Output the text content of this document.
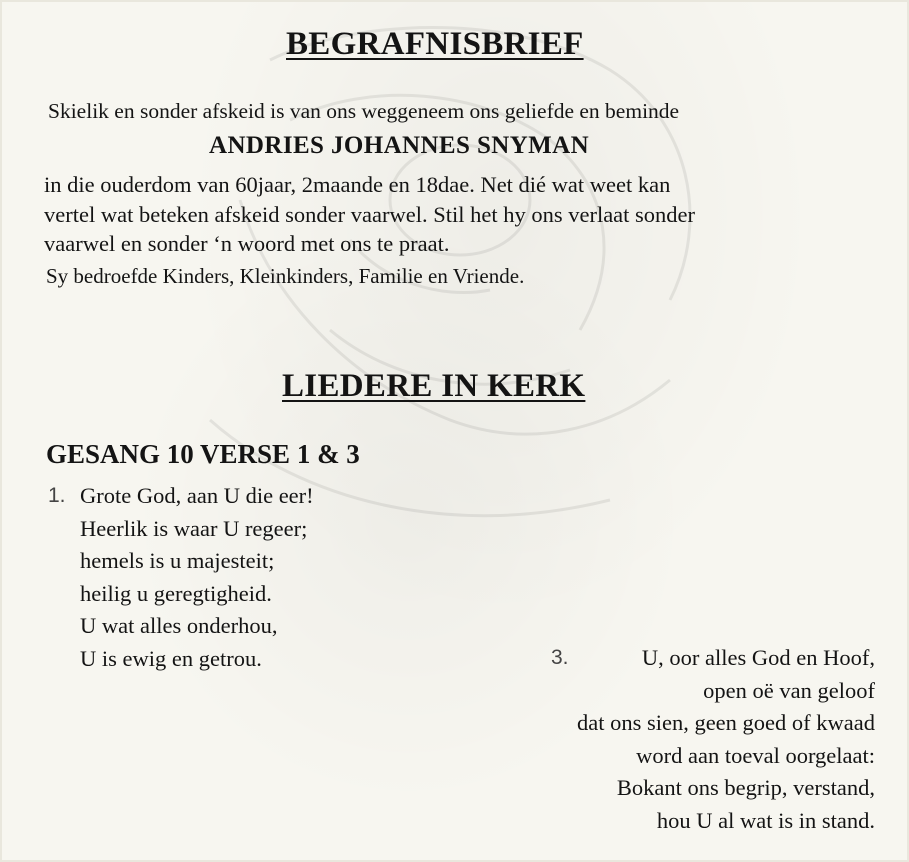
BEGRAFNISBRIEF
Skielik en sonder afskeid is van ons weggeneem ons geliefde en beminde
ANDRIES JOHANNES SNYMAN
in die ouderdom van 60jaar, 2maande en 18dae. Net dié wat weet kan
vertel wat beteken afskeid sonder vaarwel. Stil het hy ons verlaat sonder
vaarwel en sonder ‘n woord met ons te praat.
Sy bedroefde Kinders, Kleinkinders, Familie en Vriende.
LIEDERE IN KERK
GESANG 10 VERSE 1 & 3
1. Grote God, aan U die eer!
Heerlik is waar U regeer;
hemels is u majesteit;
heilig u geregtigheid.
U wat alles onderhou,
U is ewig en getrou.	3.	U, oor alles God en Hoof,
open oë van geloof
dat ons sien, geen goed of kwaad
word aan toeval oorgelaat:
Bokant ons begrip, verstand,
hou U al wat is in stand.
